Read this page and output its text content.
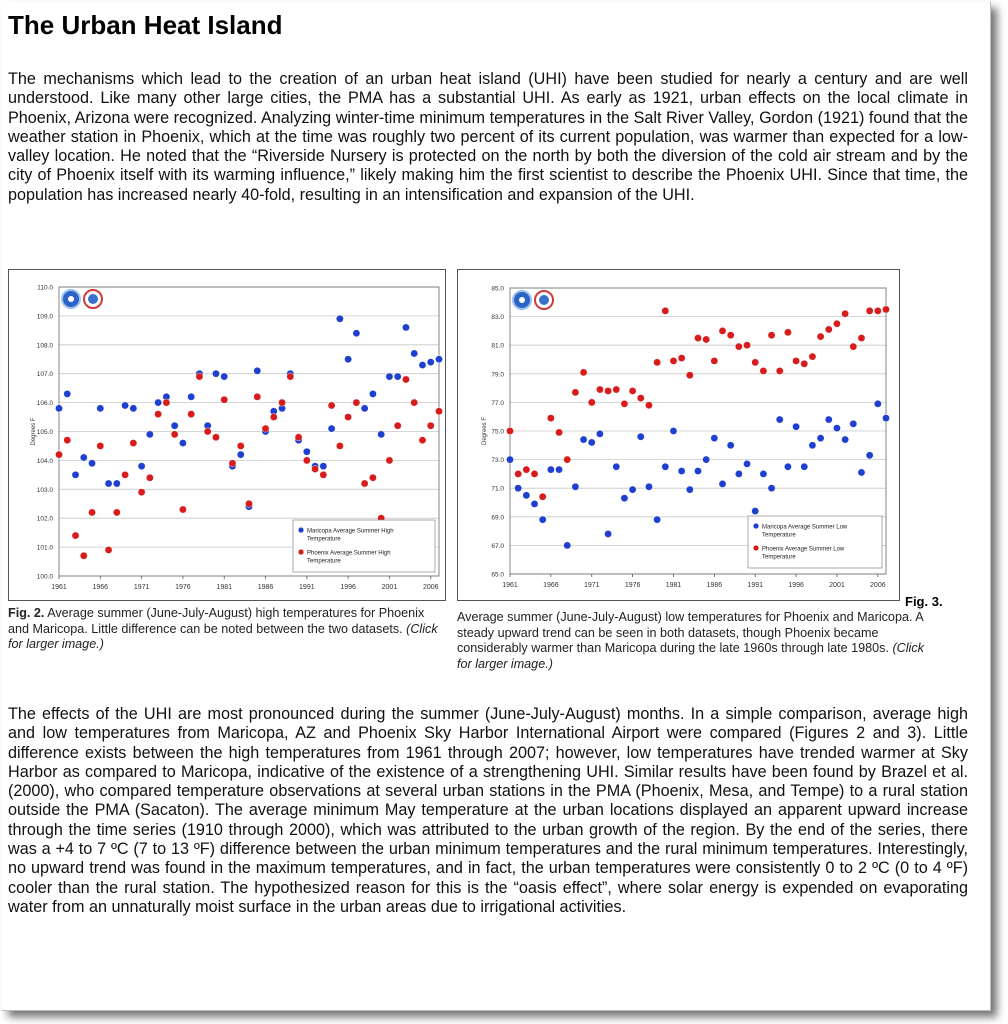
The Urban Heat Island

The mechanisms which lead to the creation of an urban heat island (UHI) have been studied for nearly a century and are well understood. Like many other large cities, the PMA has a substantial UHI. As early as 1921, urban effects on the local climate in Phoenix, Arizona were recognized. Analyzing winter-time minimum temperatures in the Salt River Valley, Gordon (1921) found that the weather station in Phoenix, which at the time was roughly two percent of its current population, was warmer than expected for a low-valley location. He noted that the “Riverside Nursery is protected on the north by both the diversion of the cold air stream and by the city of Phoenix itself with its warming influence,” likely making him the first scientist to describe the Phoenix UHI. Since that time, the population has increased nearly 40-fold, resulting in an intensification and expansion of the UHI.

100.0
101.0
102.0
103.0
104.0
105.0
106.0
107.0
108.0
109.0
110.0
1961	1966	1971	1976	1981	1986	1991	1996	2001	2006
Degrees F
Maricopa Average Summer High
Temperature
Phoenix Average Summer High
Temperature
65.0
67.0
69.0
71.0
73.0
75.0
77.0
79.0
81.0
83.0
85.0
1961	1966	1971	1976	1981	1986	1991	1996	2001	2006
Degrees F
Maricopa Average Summer Low
Temperature
Phoenix Average Summer Low
Temperature
Fig. 2. Average summer (June-July-August) high temperatures for Phoenix and Maricopa. Little difference can be noted between the two datasets. (Click for larger image.)
Fig. 3.
Average summer (June-July-August) low temperatures for Phoenix and Maricopa. A steady upward trend can be seen in both datasets, though Phoenix became considerably warmer than Maricopa during the late 1960s through late 1980s. (Click for larger image.)

The effects of the UHI are most pronounced during the summer (June-July-August) months. In a simple comparison, average high and low temperatures from Maricopa, AZ and Phoenix Sky Harbor International Airport were compared (Figures 2 and 3). Little difference exists between the high temperatures from 1961 through 2007; however, low temperatures have trended warmer at Sky Harbor as compared to Maricopa, indicative of the existence of a strengthening UHI. Similar results have been found by Brazel et al. (2000), who compared temperature observations at several urban stations in the PMA (Phoenix, Mesa, and Tempe) to a rural station outside the PMA (Sacaton). The average minimum May temperature at the urban locations displayed an apparent upward increase through the time series (1910 through 2000), which was attributed to the urban growth of the region. By the end of the series, there was a +4 to 7 ºC (7 to 13 ºF) difference between the urban minimum temperatures and the rural minimum temperatures. Interestingly, no upward trend was found in the maximum temperatures, and in fact, the urban temperatures were consistently 0 to 2 ºC (0 to 4 ºF) cooler than the rural station. The hypothesized reason for this is the “oasis effect”, where solar energy is expended on evaporating water from an unnaturally moist surface in the urban areas due to irrigational activities.
